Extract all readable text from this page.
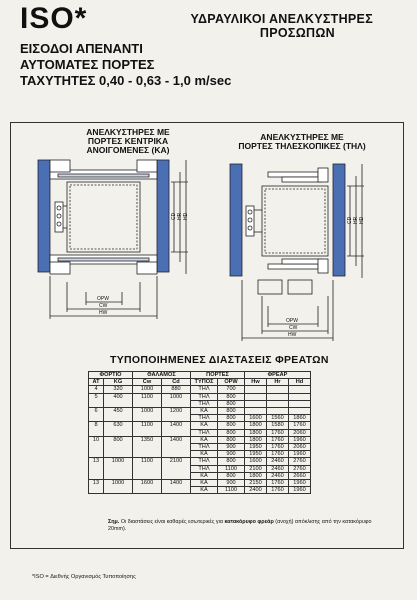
ISO*
ΕΙΣΟΔΟΙ ΑΠΕΝΑΝΤΙ
ΑΥΤΟΜΑΤΕΣ ΠΟΡΤΕΣ
ΤΑΧΥΤΗΤΕΣ 0,40 - 0,63 - 1,0 m/sec
ΥΔΡΑΥΛΙΚΟΙ ΑΝΕΛΚΥΣΤΗΡΕΣ
ΠΡΟΣΩΠΩΝ
ΑΝΕΛΚΥΣΤΗΡΕΣ ΜΕ
ΠΟΡΤΕΣ ΚΕΝΤΡΙΚΑ ΑΝΟΙΓΟΜΕΝΕΣ (ΚΑ)
ΑΝΕΛΚΥΣΤΗΡΕΣ ΜΕ
ΠΟΡΤΕΣ ΤΗΛΕΣΚΟΠΙΚΕΣ (ΤΗΛ)
OPW
CW
HW
CD HR HD
OPW
CW
HW
CD HR HD
ΤΥΠΟΠΟΙΗΜΕΝΕΣ ΔΙΑΣΤΑΣΕΙΣ ΦΡΕΑΤΩΝ
ΦΟΡΤΙΟ		ΘΑΛΑΜΟΣ		ΠΟΡΤΕΣ		ΦΡΕΑΡ		
AT	KG	Cw	Cd	ΤΥΠΟΣ	OPW	Hw	Hr	Hd
4	320	1000	880	ΤΗΛ	700			
5	400	1100	1000	ΤΗΛ	800			
				ΤΗΛ	800			
6	450	1000	1200	ΚΑ	800			
				ΤΗΛ	800	1600	1560	1860
8	630	1100	1400	ΚΑ	800	1800	1580	1760
				ΤΗΛ	800	1800	1760	2060
10	800	1350	1400	ΚΑ	800	1800	1760	1960
				ΤΗΛ	900	1950	1760	2060
				ΚΑ	900	1950	1760	1960
13	1000	1100	2100	ΤΗΛ	800	1600	2460	2760
				ΤΗΛ	1100	2100	2460	2760
				ΚΑ	800	1800	2460	2660
13	1000	1600	1400	ΚΑ	900	2150	1760	1960
				ΚΑ	1100	2400	1760	1960
Σημ. Οι διαστάσεις είναι καθαρές εσωτερικές για κατακόρυφο φρεάρ (ανοχή) απόκλισης από την κατακόρυφο 20mm).
*ISO = Διεθνής Οργανισμός Τυποποίησης
